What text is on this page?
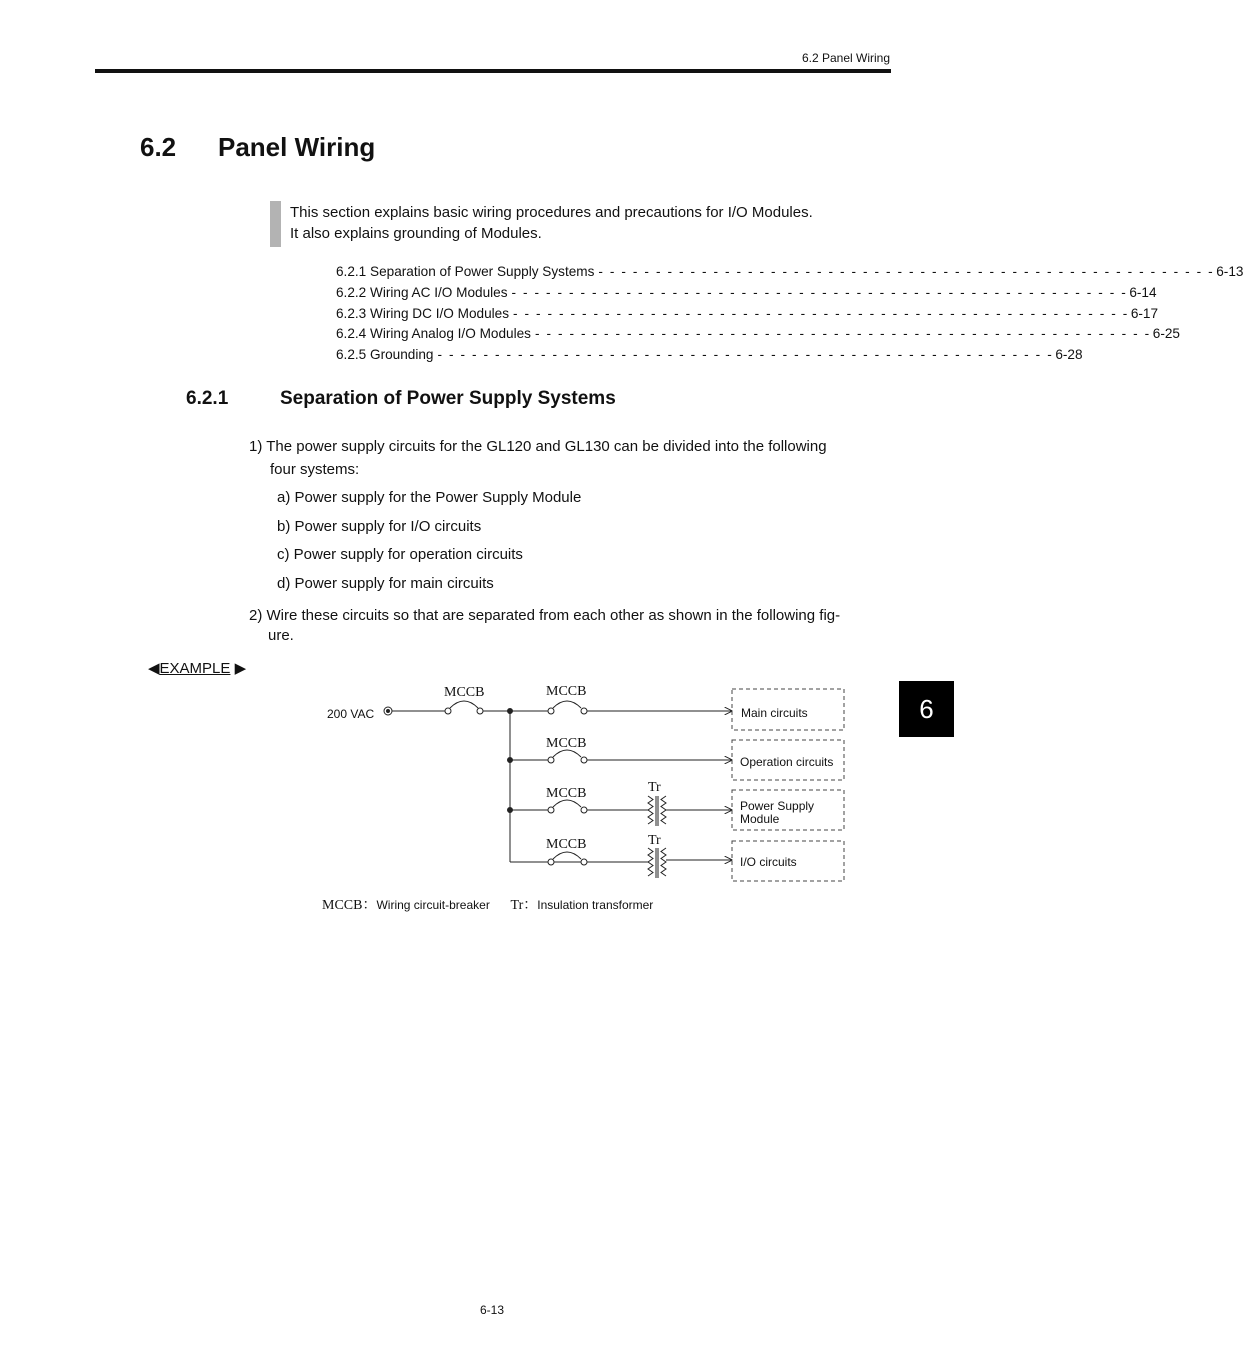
6.2 Panel Wiring
6.2 Panel Wiring
This section explains basic wiring procedures and precautions for I/O Modules.
It also explains grounding of Modules.
6.2.1 Separation of Power Supply Systems - - - - - - - - - - - - - - - - - - - - - - - - - - - - - - - - - - - - - - - - - - - - - - - - - - - - - - 6-13
6.2.2 Wiring AC I/O Modules - - - - - - - - - - - - - - - - - - - - - - - - - - - - - - - - - - - - - - - - - - - - - - - - - - - - - - 6-14
6.2.3 Wiring DC I/O Modules - - - - - - - - - - - - - - - - - - - - - - - - - - - - - - - - - - - - - - - - - - - - - - - - - - - - - - 6-17
6.2.4 Wiring Analog I/O Modules - - - - - - - - - - - - - - - - - - - - - - - - - - - - - - - - - - - - - - - - - - - - - - - - - - - - - - 6-25
6.2.5 Grounding - - - - - - - - - - - - - - - - - - - - - - - - - - - - - - - - - - - - - - - - - - - - - - - - - - - - - - 6-28
6.2.1	Separation of Power Supply Systems
1) The power supply circuits for the GL120 and GL130 can be divided into the following
four systems:
a) Power supply for the Power Supply Module
b) Power supply for I/O circuits
c) Power supply for operation circuits
d) Power supply for main circuits
2) Wire these circuits so that are separated from each other as shown in the following fig-
ure.
◀EXAMPLE ▶
6
200 VAC
MCCB	MCCB
MCCB
MCCB	Tr
MCCB	Tr
Main circuits
Operation circuits
Power Supply
Module
I/O circuits
MCCB：Wiring circuit-breaker Tr：Insulation transformer
6-13
